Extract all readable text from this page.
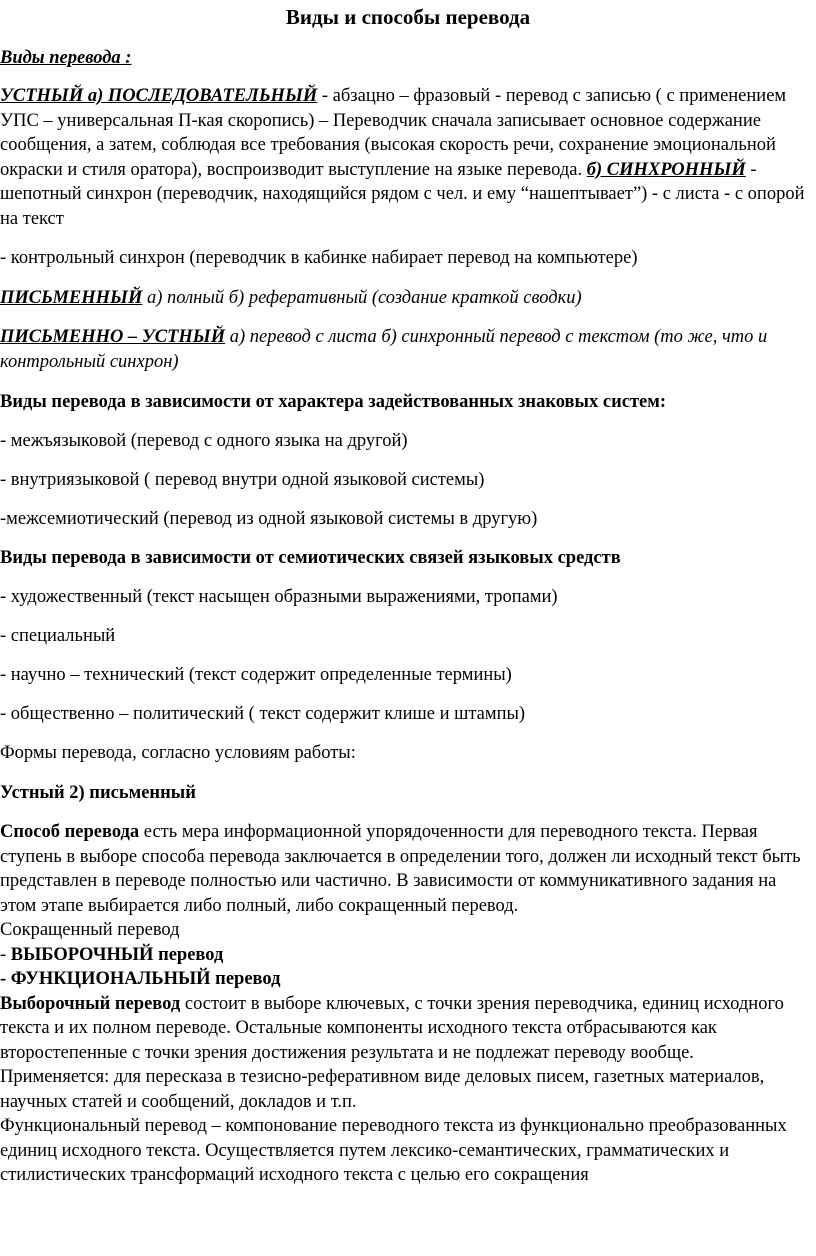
Виды и способы перевода
Виды перевода :
УСТНЫЙ а) ПОСЛЕДОВАТЕЛЬНЫЙ - абзацно – фразовый - перевод с записью ( с применением УПС – универсальная П-кая скоропись) – Переводчик сначала записывает основное содержание сообщения, а затем, соблюдая все требования (высокая скорость речи, сохранение эмоциональной окраски и стиля оратора), воспроизводит выступление на языке перевода. б) СИНХРОННЫЙ - шепотный синхрон (переводчик, находящийся рядом с чел. и ему “нашептывает”) - с листа - с опорой на текст
- контрольный синхрон (переводчик в кабинке набирает перевод на компьютере)
ПИСЬМЕННЫЙ а) полный б) реферативный (создание краткой сводки)
ПИСЬМЕННО – УСТНЫЙ а) перевод с листа б) синхронный перевод с текстом (то же, что и контрольный синхрон)
Виды перевода в зависимости от характера задействованных знаковых систем:
- межъязыковой (перевод с одного языка на другой)
- внутриязыковой ( перевод внутри одной языковой системы)
-межсемиотический (перевод из одной языковой системы в другую)
Виды перевода в зависимости от семиотических связей языковых средств
- художественный (текст насыщен образными выражениями, тропами)
- специальный
- научно – технический (текст содержит определенные термины)
- общественно – политический ( текст содержит клише и штампы)
Формы перевода, согласно условиям работы:
Устный 2) письменный
Способ перевода есть мера информационной упорядоченности для переводного текста. Первая ступень в выборе способа перевода заключается в определении того, должен ли исходный текст быть представлен в переводе полностью или частично. В зависимости от коммуникативного задания на этом этапе выбирается либо полный, либо сокращенный перевод.
Сокращенный перевод
- ВЫБОРОЧНЫЙ перевод
- ФУНКЦИОНАЛЬНЫЙ перевод
Выборочный перевод состоит в выборе ключевых, с точки зрения переводчика, единиц исходного текста и их полном переводе. Остальные компоненты исходного текста отбрасываются как второстепенные с точки зрения достижения результата и не подлежат переводу вообще.
Применяется: для пересказа в тезисно-реферативном виде деловых писем, газетных материалов, научных статей и сообщений, докладов и т.п.
Функциональный перевод – компонование переводного текста из функционально преобразованных единиц исходного текста. Осуществляется путем лексико-семантических, грамматических и стилистических трансформаций исходного текста с целью его сокращения
